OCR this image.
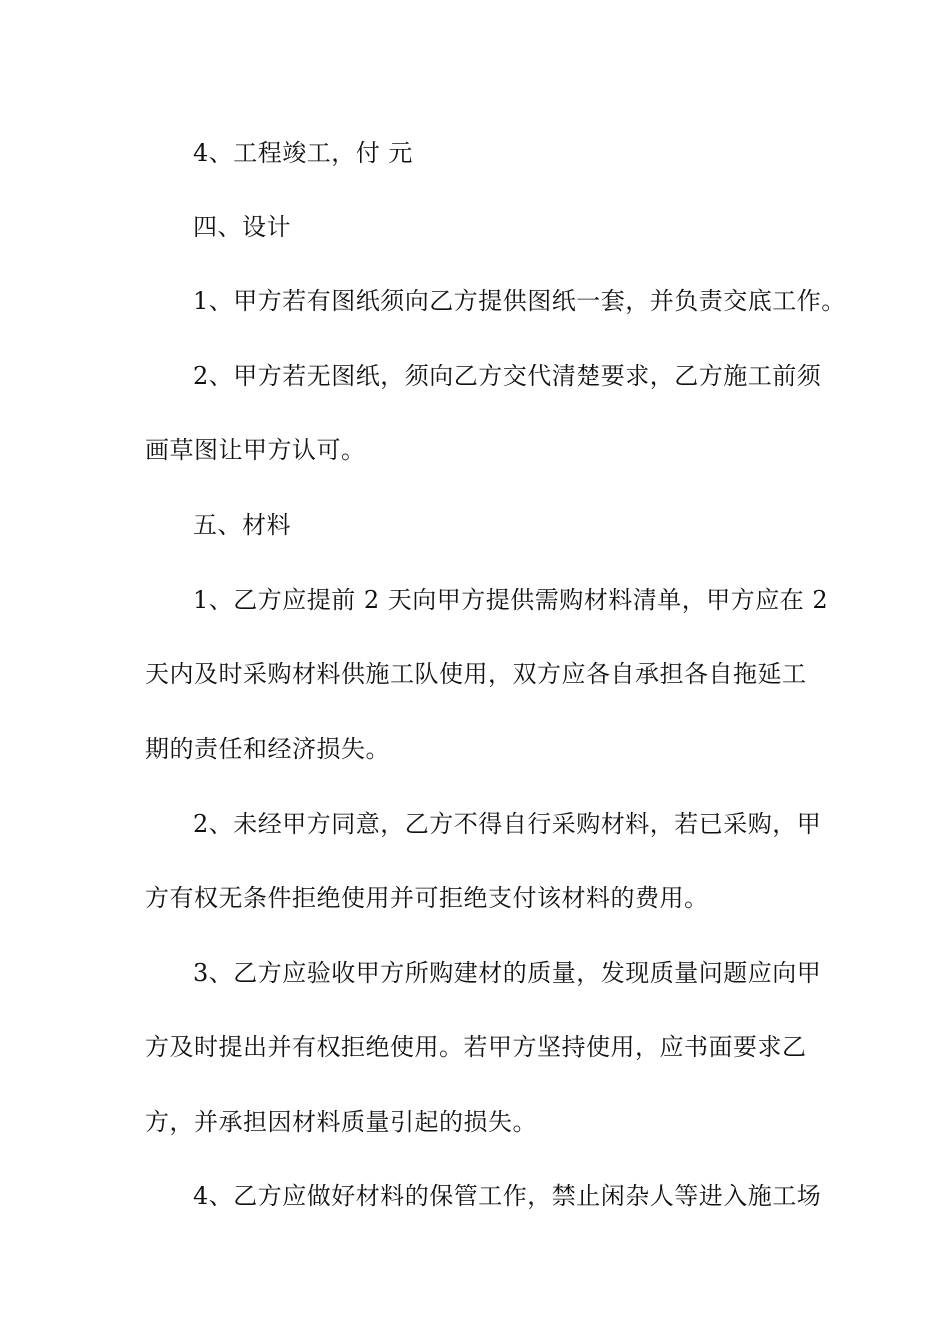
4、工程竣工，付 元
四、设计
1、甲方若有图纸须向乙方提供图纸一套，并负责交底工作。
2、甲方若无图纸，须向乙方交代清楚要求，乙方施工前须
画草图让甲方认可。
五、材料
1、乙方应提前 2 天向甲方提供需购材料清单，甲方应在 2
天内及时采购材料供施工队使用，双方应各自承担各自拖延工
期的责任和经济损失。
2、未经甲方同意，乙方不得自行采购材料，若已采购，甲
方有权无条件拒绝使用并可拒绝支付该材料的费用。
3、乙方应验收甲方所购建材的质量，发现质量问题应向甲
方及时提出并有权拒绝使用。若甲方坚持使用，应书面要求乙
方，并承担因材料质量引起的损失。
4、乙方应做好材料的保管工作，禁止闲杂人等进入施工场
